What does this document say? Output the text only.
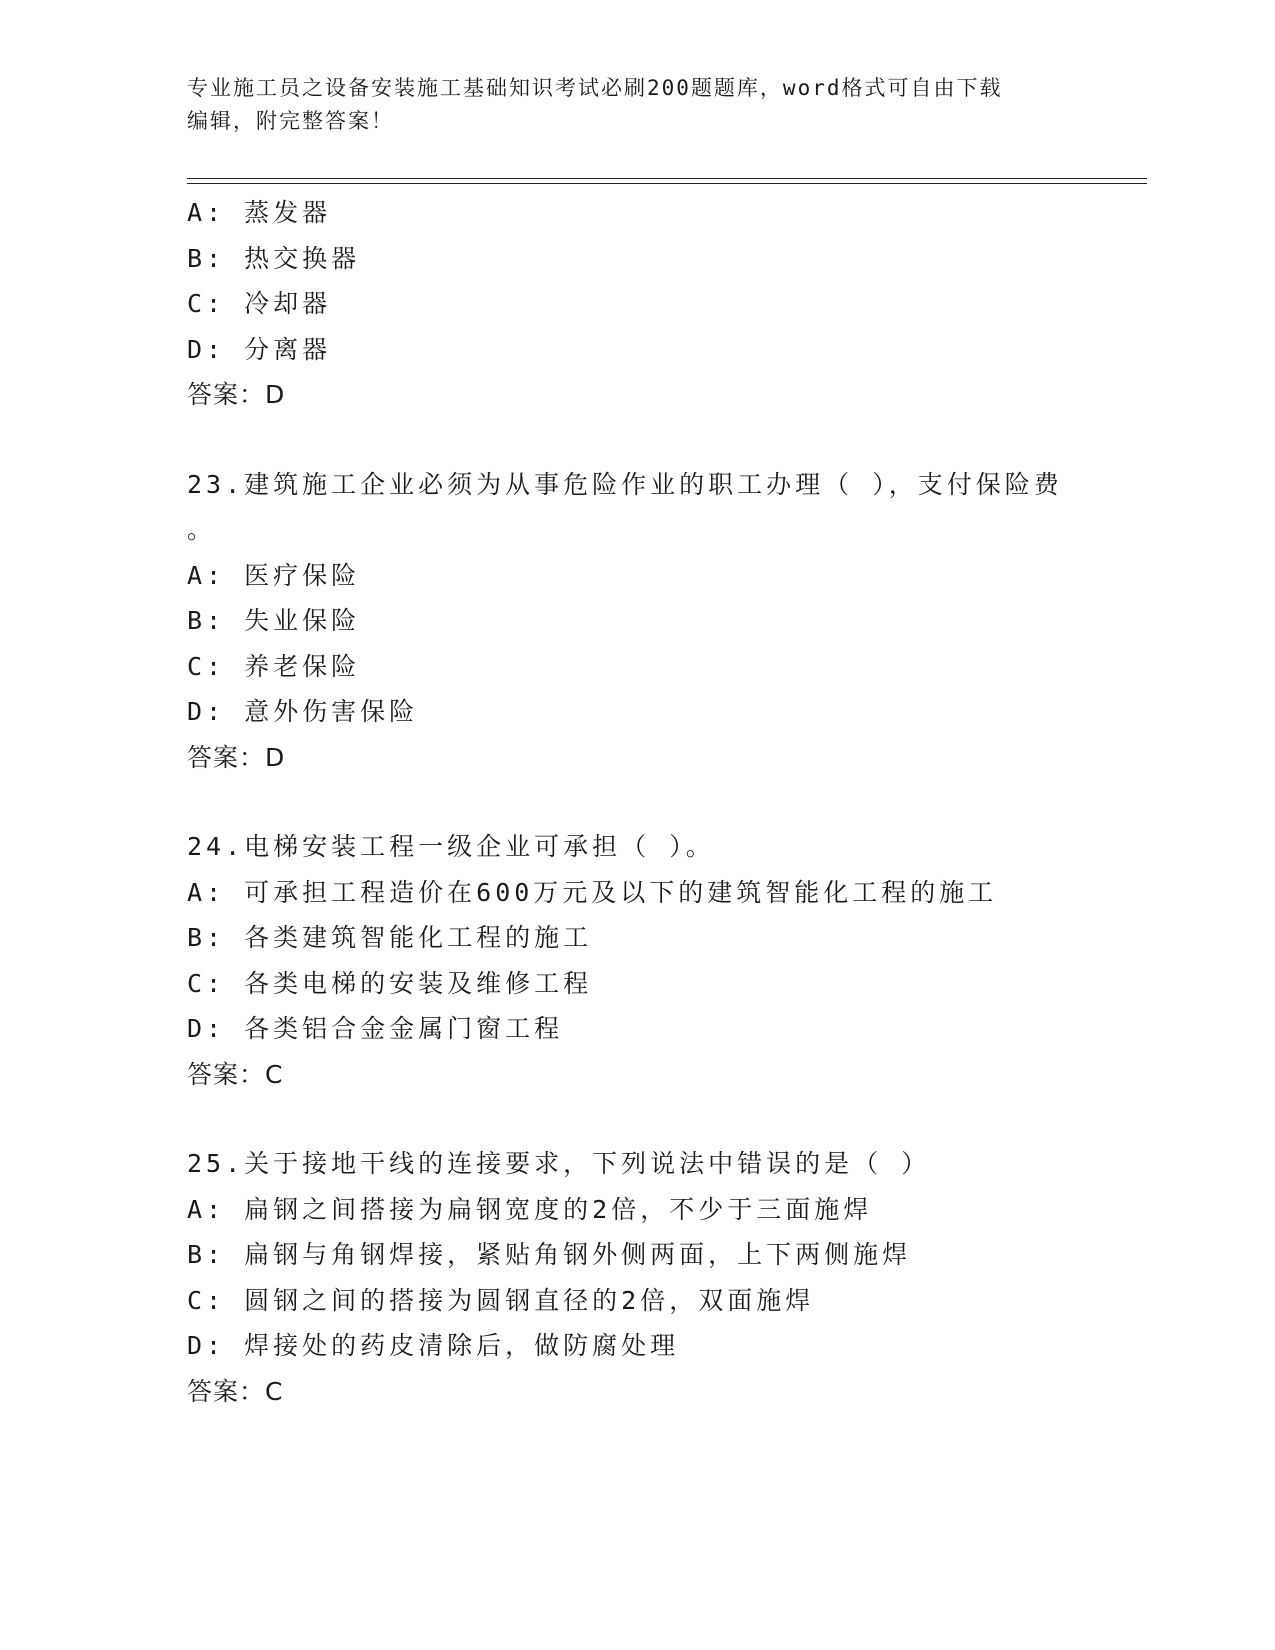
专业施工员之设备安装施工基础知识考试必刷200题题库，word格式可自由下载
编辑，附完整答案！
A: 蒸发器
B: 热交换器
C: 冷却器
D: 分离器
答案：D
23.建筑施工企业必须为从事危险作业的职工办理（ ），支付保险费
。
A: 医疗保险
B: 失业保险
C: 养老保险
D: 意外伤害保险
答案：D
24.电梯安装工程一级企业可承担（ ）。
A: 可承担工程造价在600万元及以下的建筑智能化工程的施工
B: 各类建筑智能化工程的施工
C: 各类电梯的安装及维修工程
D: 各类铝合金金属门窗工程
答案：C
25.关于接地干线的连接要求，下列说法中错误的是（ ）
A: 扁钢之间搭接为扁钢宽度的2倍，不少于三面施焊
B: 扁钢与角钢焊接，紧贴角钢外侧两面，上下两侧施焊
C: 圆钢之间的搭接为圆钢直径的2倍，双面施焊
D: 焊接处的药皮清除后，做防腐处理
答案：C
